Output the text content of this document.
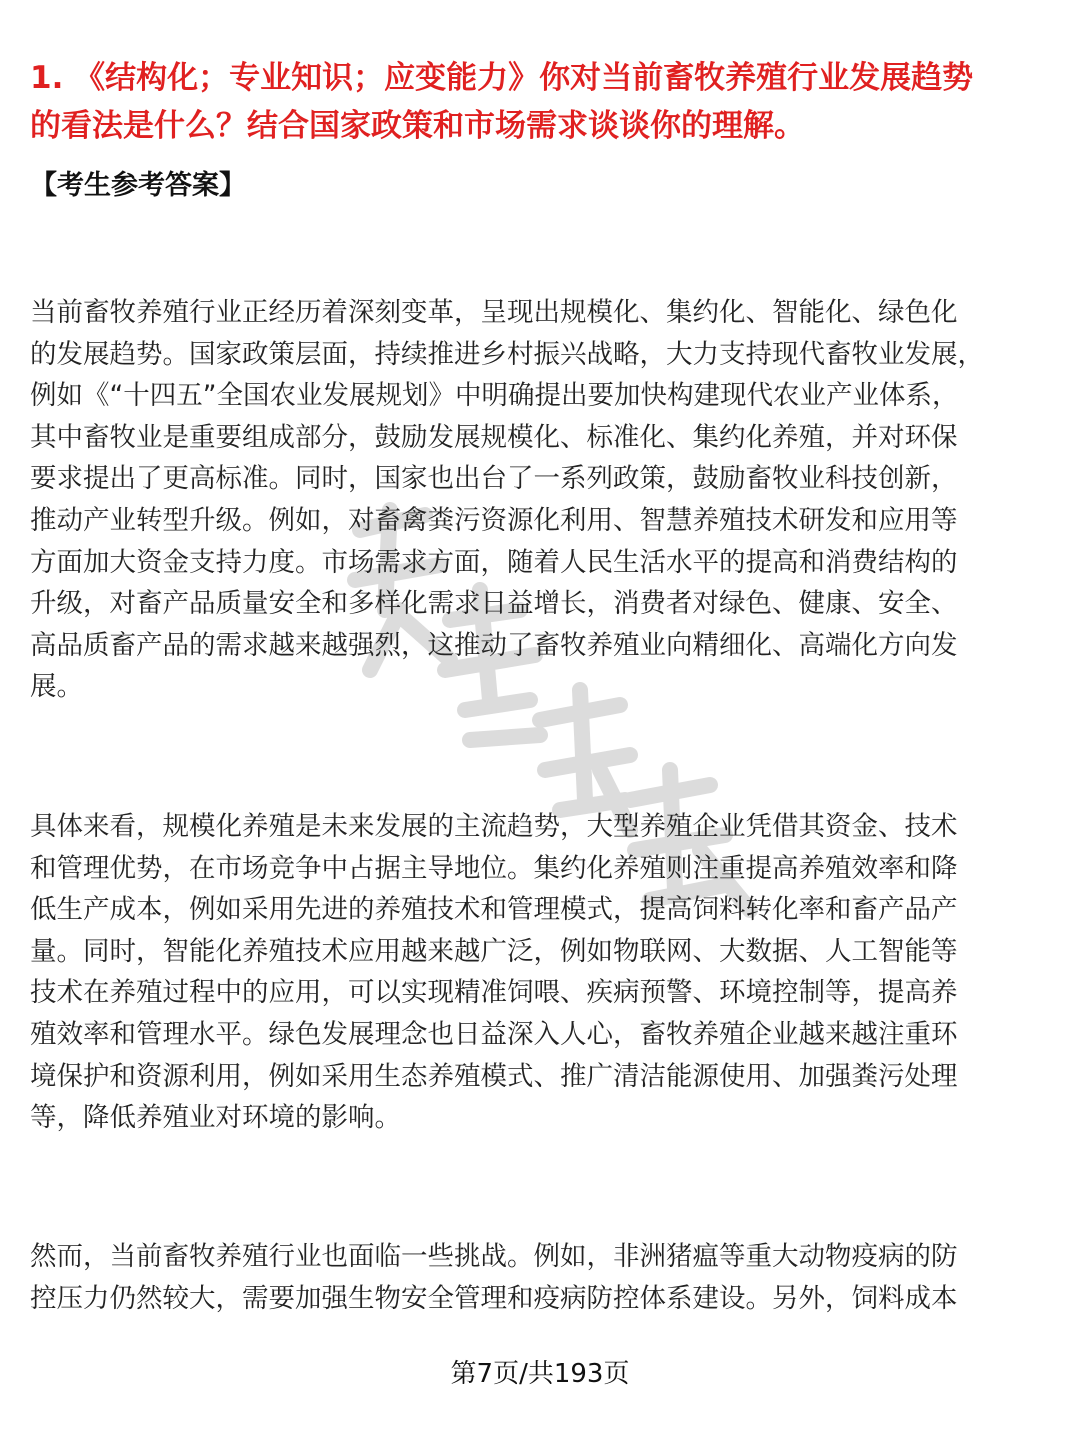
1. 《结构化；专业知识；应变能力》你对当前畜牧养殖行业发展趋势
的看法是什么？结合国家政策和市场需求谈谈你的理解。
【考生参考答案】

当前畜牧养殖行业正经历着深刻变革，呈现出规模化、集约化、智能化、绿色化
的发展趋势。国家政策层面，持续推进乡村振兴战略，大力支持现代畜牧业发展，
例如《“十四五”全国农业发展规划》中明确提出要加快构建现代农业产业体系，
其中畜牧业是重要组成部分，鼓励发展规模化、标准化、集约化养殖，并对环保
要求提出了更高标准。同时，国家也出台了一系列政策，鼓励畜牧业科技创新，
推动产业转型升级。例如，对畜禽粪污资源化利用、智慧养殖技术研发和应用等
方面加大资金支持力度。市场需求方面，随着人民生活水平的提高和消费结构的
升级，对畜产品质量安全和多样化需求日益增长，消费者对绿色、健康、安全、
高品质畜产品的需求越来越强烈，这推动了畜牧养殖业向精细化、高端化方向发
展。

具体来看，规模化养殖是未来发展的主流趋势，大型养殖企业凭借其资金、技术
和管理优势，在市场竞争中占据主导地位。集约化养殖则注重提高养殖效率和降
低生产成本，例如采用先进的养殖技术和管理模式，提高饲料转化率和畜产品产
量。同时，智能化养殖技术应用越来越广泛，例如物联网、大数据、人工智能等
技术在养殖过程中的应用，可以实现精准饲喂、疾病预警、环境控制等，提高养
殖效率和管理水平。绿色发展理念也日益深入人心，畜牧养殖企业越来越注重环
境保护和资源利用，例如采用生态养殖模式、推广清洁能源使用、加强粪污处理
等，降低养殖业对环境的影响。

然而，当前畜牧养殖行业也面临一些挑战。例如，非洲猪瘟等重大动物疫病的防
控压力仍然较大，需要加强生物安全管理和疫病防控体系建设。另外，饲料成本

第7页/共193页
